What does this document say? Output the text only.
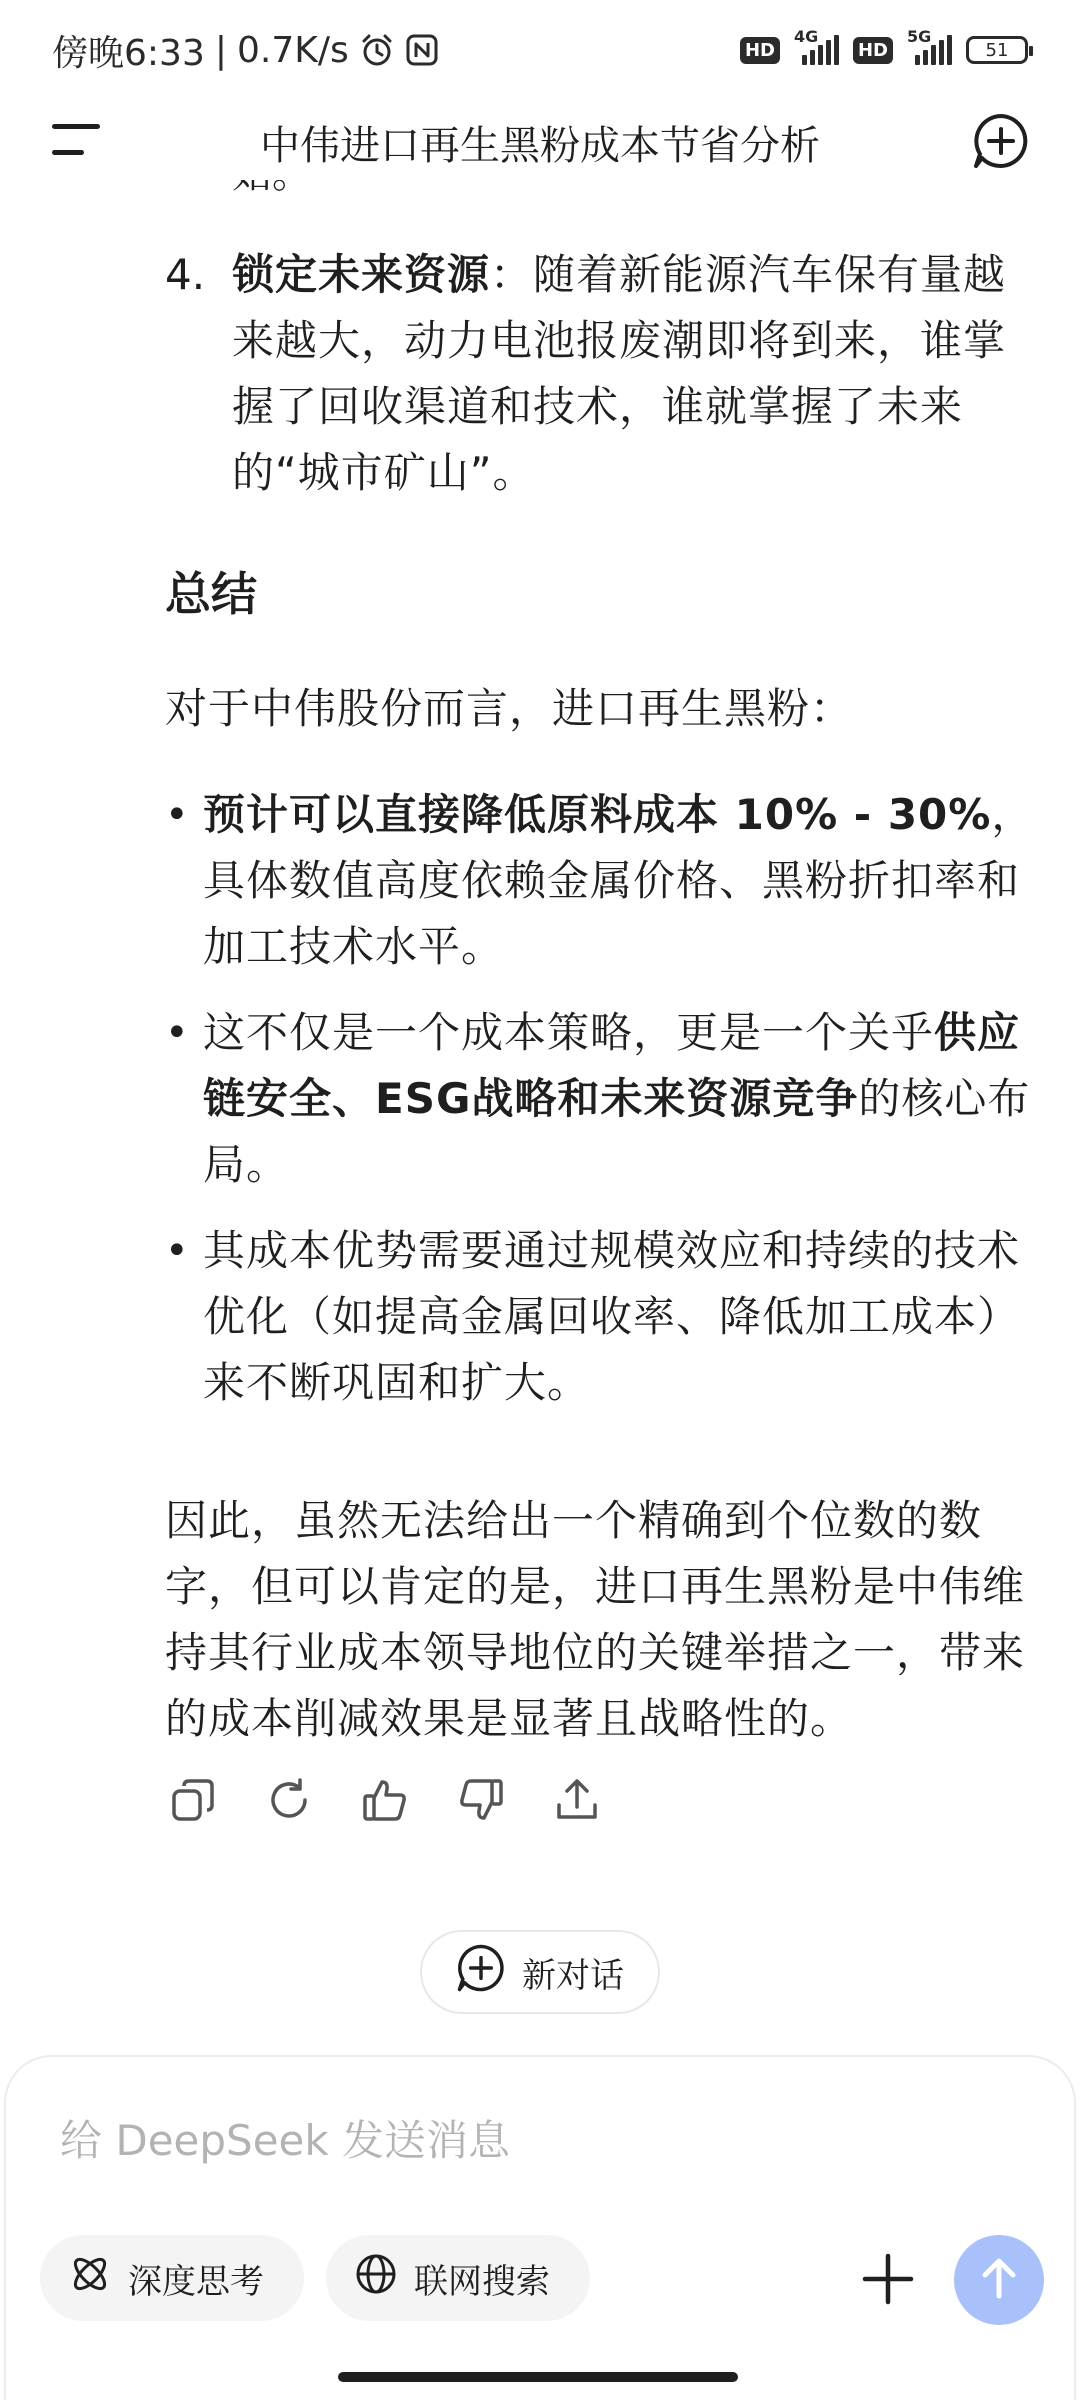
傍晚6:33 | 0.7K/s	HD
4G
HD
5G
51
中伟进口再生黑粉成本节省分析
4. 锁定未来资源：随着新能源汽车保有量越来越大，动力电池报废潮即将到来，谁掌握了回收渠道和技术，谁就掌握了未来的“城市矿山”。
总结
对于中伟股份而言，进口再生黑粉：
• 预计可以直接降低原料成本 10% - 30%，具体数值高度依赖金属价格、黑粉折扣率和加工技术水平。
• 这不仅是一个成本策略，更是一个关乎供应链安全、ESG战略和未来资源竞争的核心布局。
• 其成本优势需要通过规模效应和持续的技术优化（如提高金属回收率、降低加工成本）来不断巩固和扩大。
因此，虽然无法给出一个精确到个位数的数字，但可以肯定的是，进口再生黑粉是中伟维持其行业成本领导地位的关键举措之一，带来的成本削减效果是显著且战略性的。
新对话
给 DeepSeek 发送消息
深度思考	联网搜索
